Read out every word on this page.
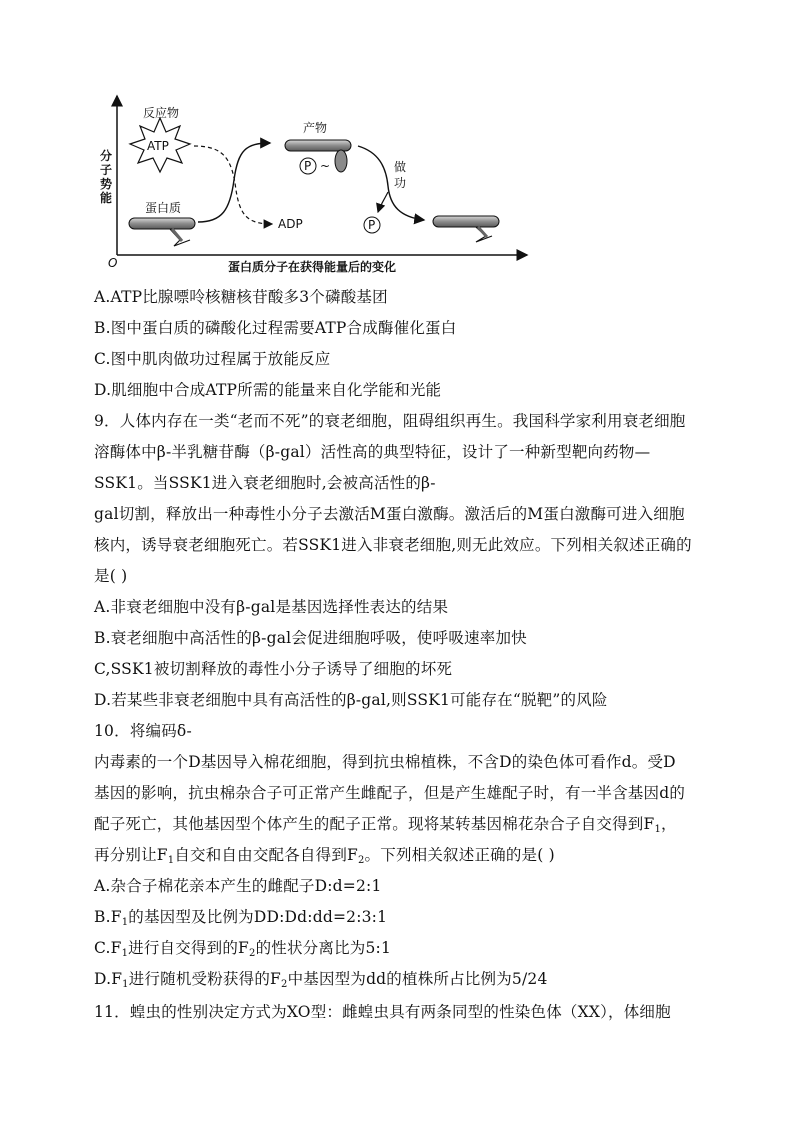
O
分
子
势
能
蛋白质分子在获得能量后的变化
反应物
ATP
ADP
蛋白质
产物
P ~	做
功
P
A.ATP比腺嘌呤核糖核苷酸多3个磷酸基团
B.图中蛋白质的磷酸化过程需要ATP合成酶催化蛋白
C.图中肌肉做功过程属于放能反应
D.肌细胞中合成ATP所需的能量来自化学能和光能
9．人体内存在一类“老而不死”的衰老细胞，阻碍组织再生。我国科学家利用衰老细胞
溶酶体中β-半乳糖苷酶（β-gal）活性高的典型特征，设计了一种新型靶向药物—
SSK1。当SSK1进入衰老细胞时,会被高活性的β-
gal切割，释放出一种毒性小分子去激活M蛋白激酶。激活后的M蛋白激酶可进入细胞
核内，诱导衰老细胞死亡。若SSK1进入非衰老细胞,则无此效应。下列相关叙述正确的
是( )
A.非衰老细胞中没有β-gal是基因选择性表达的结果
B.衰老细胞中高活性的β-gal会促进细胞呼吸，使呼吸速率加快
C,SSK1被切割释放的毒性小分子诱导了细胞的坏死
D.若某些非衰老细胞中具有高活性的β-gal,则SSK1可能存在“脱靶”的风险
10．将编码δ-
内毒素的一个D基因导入棉花细胞，得到抗虫棉植株，不含D的染色体可看作d。受D
基因的影响，抗虫棉杂合子可正常产生雌配子，但是产生雄配子时，有一半含基因d的
配子死亡，其他基因型个体产生的配子正常。现将某转基因棉花杂合子自交得到$F_1$，
再分别让$F_1$自交和自由交配各自得到$F_2$。下列相关叙述正确的是( )
A.杂合子棉花亲本产生的雌配子D:d=2:1
$B.F_1$的基因型及比例为DD:Dd:dd=2:3:1
$C.F_1$进行自交得到的$F_2$的性状分离比为5:1
$D.F_1$进行随机受粉获得的$F_2$中基因型为dd的植株所占比例为5/24
11．蝗虫的性别决定方式为XO型：雌蝗虫具有两条同型的性染色体（XX），体细胞
